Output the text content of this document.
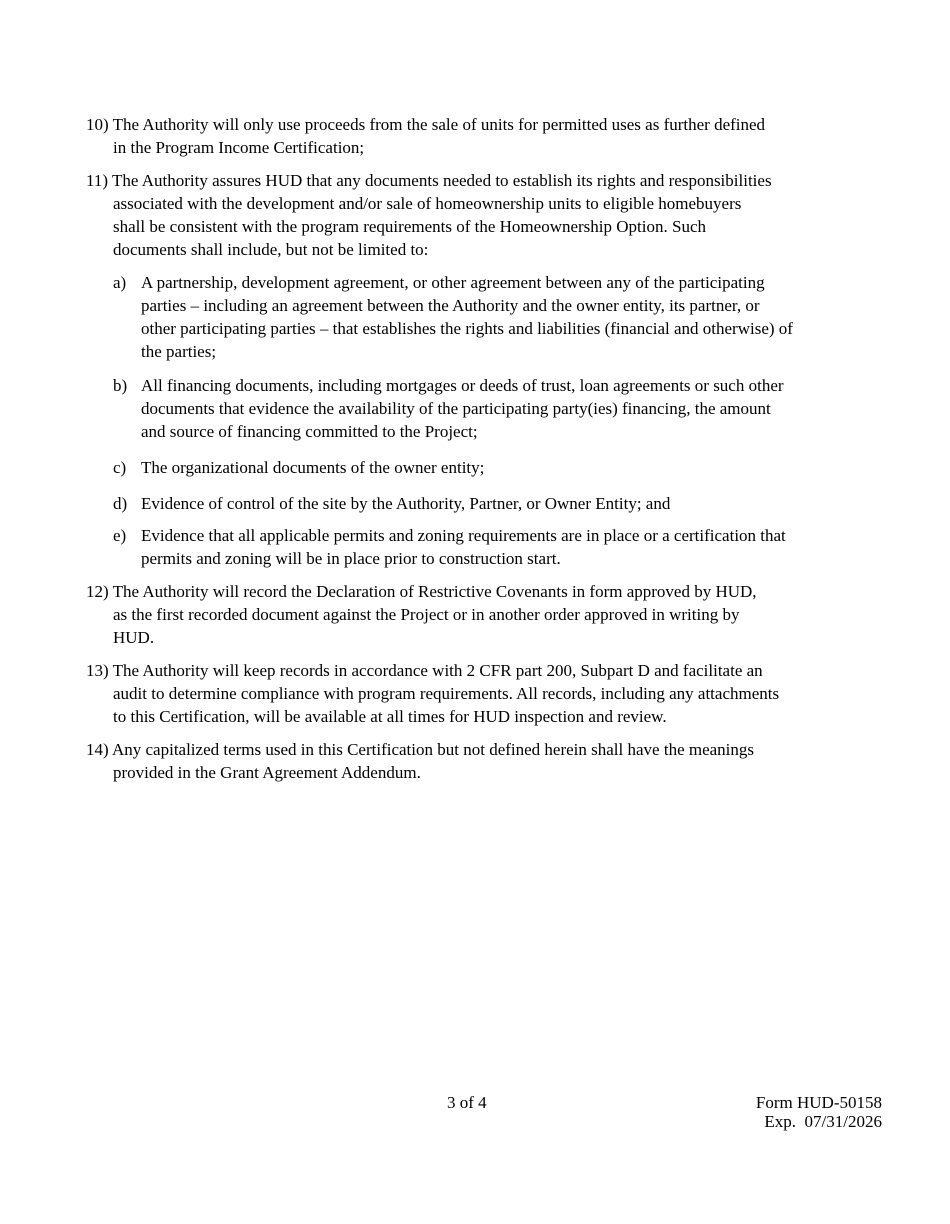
10) The Authority will only use proceeds from the sale of units for permitted uses as further defined
in the Program Income Certification;
11) The Authority assures HUD that any documents needed to establish its rights and responsibilities
associated with the development and/or sale of homeownership units to eligible homebuyers
shall be consistent with the program requirements of the Homeownership Option. Such
documents shall include, but not be limited to:
a) A partnership, development agreement, or other agreement between any of the participating
parties – including an agreement between the Authority and the owner entity, its partner, or
other participating parties – that establishes the rights and liabilities (financial and otherwise) of
the parties;
b) All financing documents, including mortgages or deeds of trust, loan agreements or such other
documents that evidence the availability of the participating party(ies) financing, the amount
and source of financing committed to the Project;
c) The organizational documents of the owner entity;
d) Evidence of control of the site by the Authority, Partner, or Owner Entity; and
e) Evidence that all applicable permits and zoning requirements are in place or a certification that
permits and zoning will be in place prior to construction start.
12) The Authority will record the Declaration of Restrictive Covenants in form approved by HUD,
as the first recorded document against the Project or in another order approved in writing by
HUD.
13) The Authority will keep records in accordance with 2 CFR part 200, Subpart D and facilitate an
audit to determine compliance with program requirements. All records, including any attachments
to this Certification, will be available at all times for HUD inspection and review.
14) Any capitalized terms used in this Certification but not defined herein shall have the meanings
provided in the Grant Agreement Addendum.
3 of 4	Form HUD-50158
Exp.  07/31/2026
